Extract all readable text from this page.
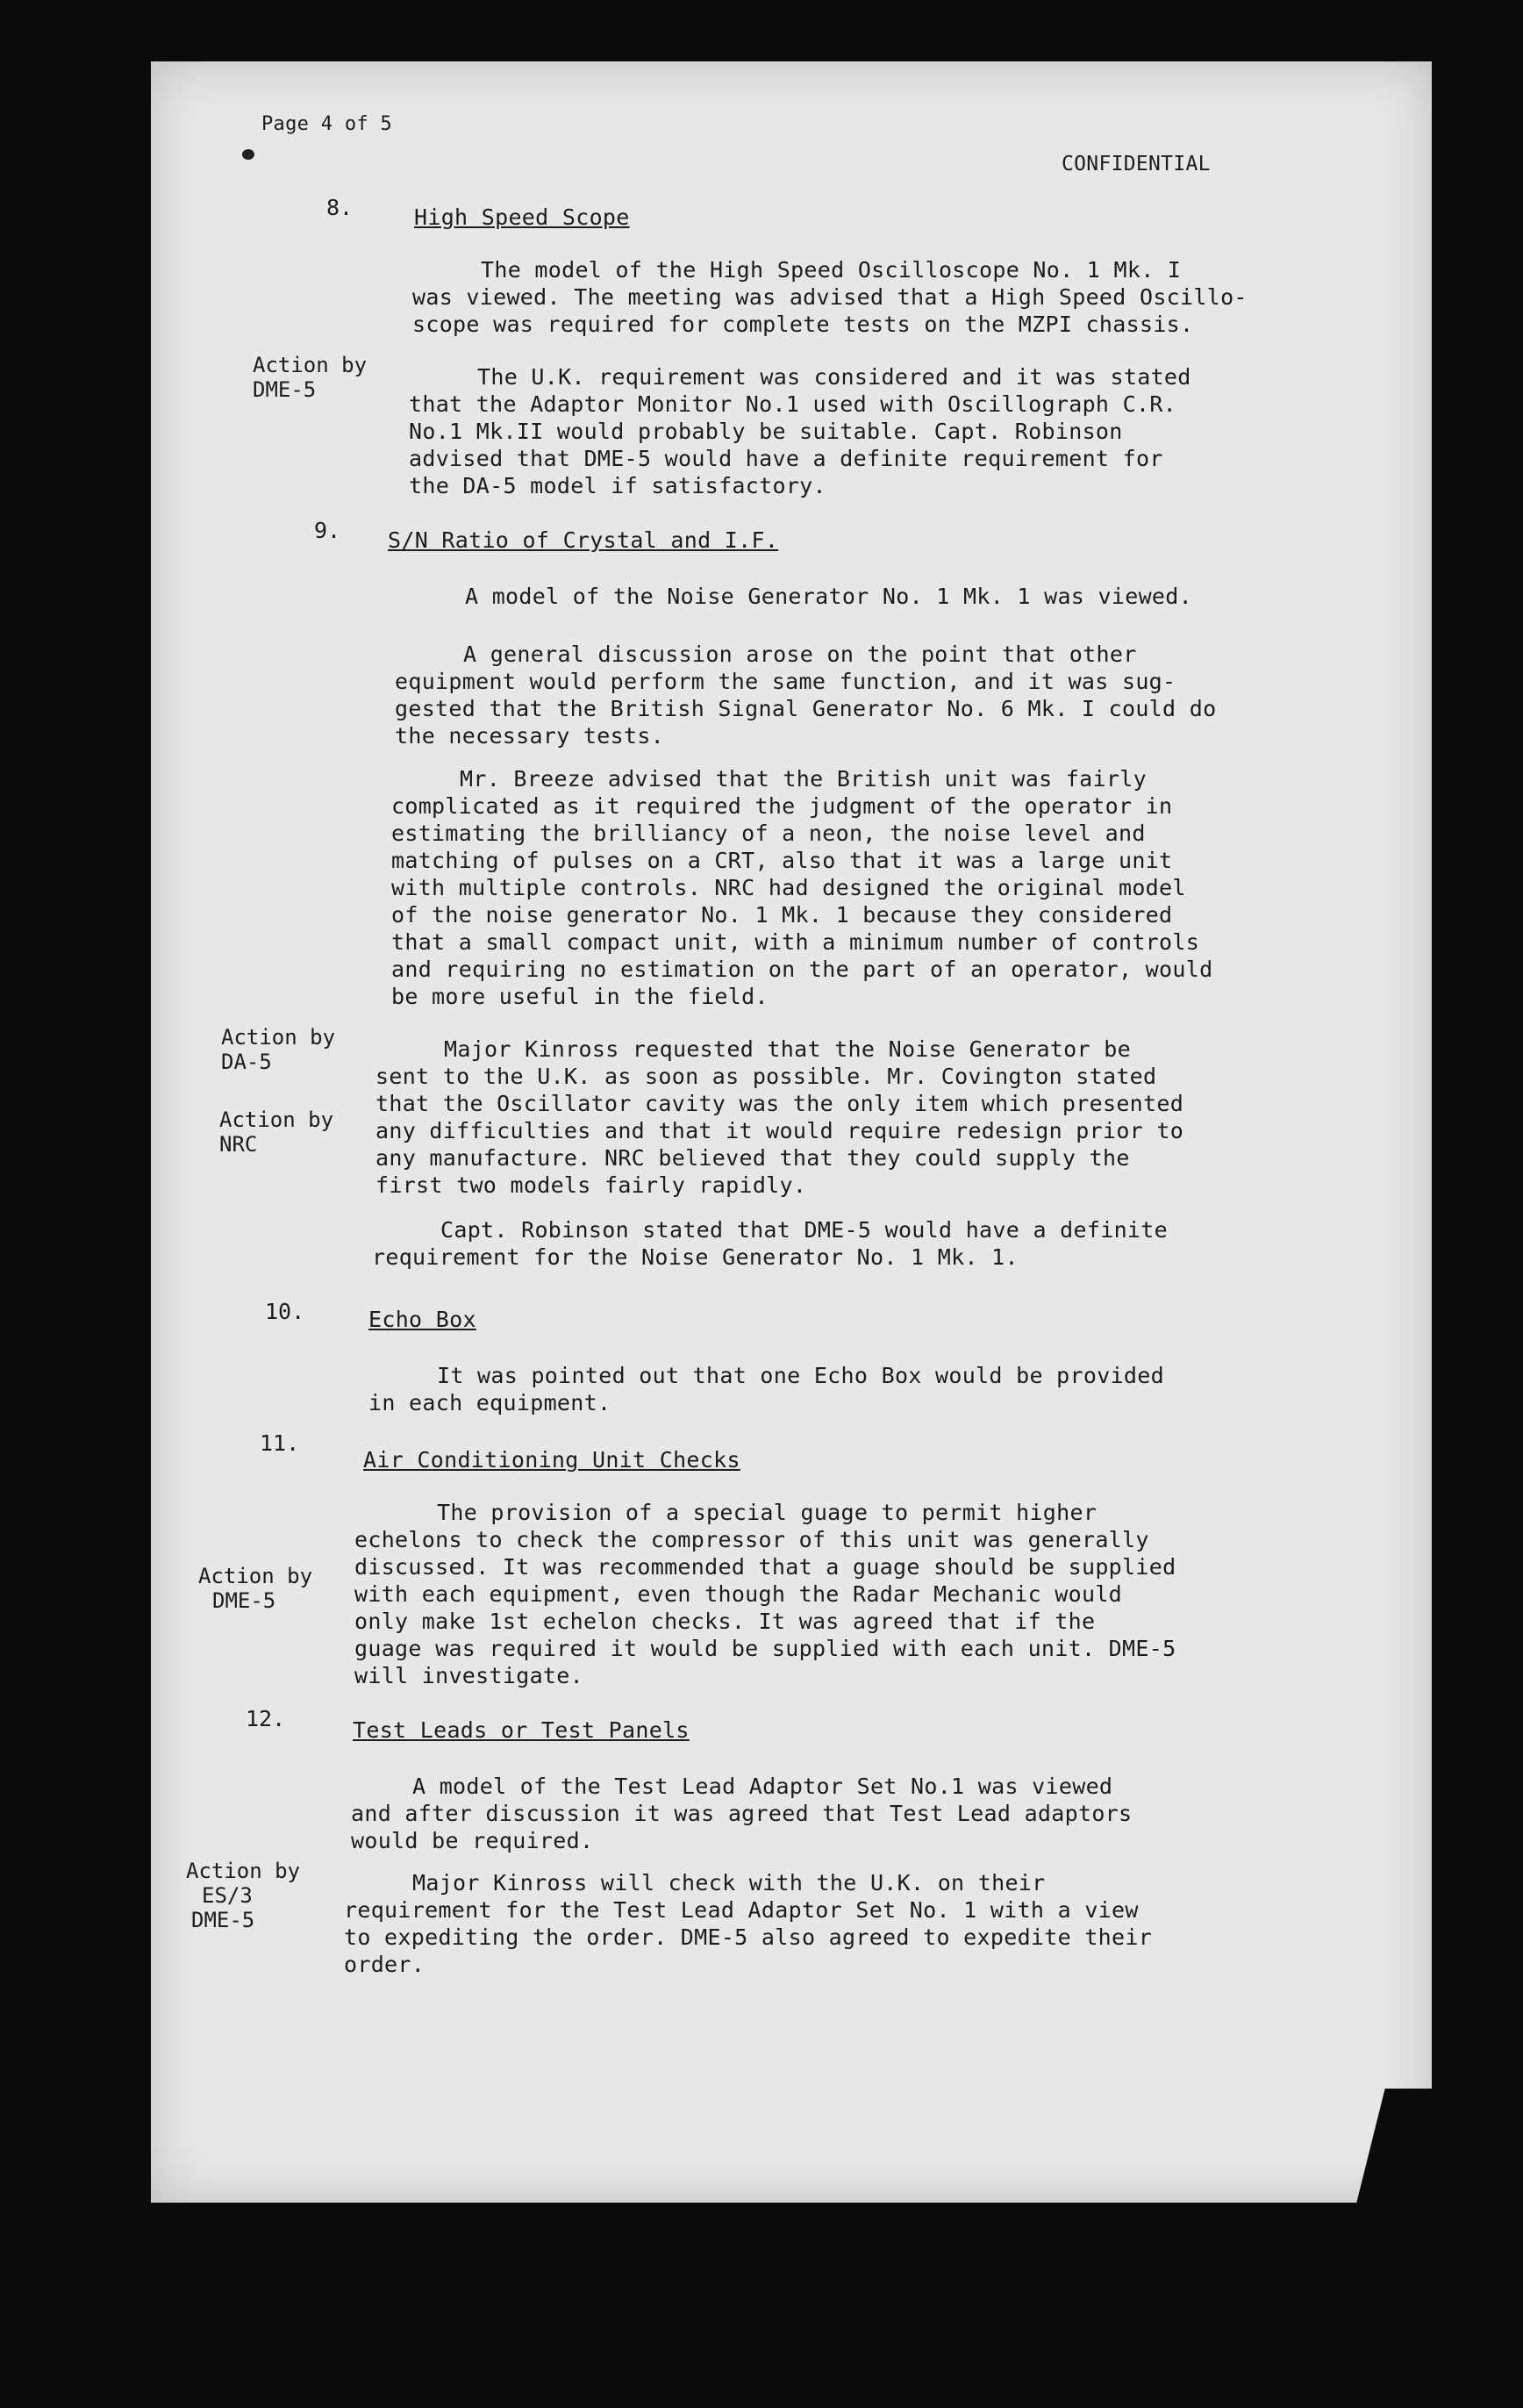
Page 4 of 5
CONFIDENTIAL
8.	High Speed Scope
The model of the High Speed Oscilloscope No. 1 Mk. I
was viewed. The meeting was advised that a High Speed Oscillo-
scope was required for complete tests on the MZPI chassis.
Action by
DME-5	The U.K. requirement was considered and it was stated
that the Adaptor Monitor No.1 used with Oscillograph C.R.
No.1 Mk.II would probably be suitable. Capt. Robinson
advised that DME-5 would have a definite requirement for
the DA-5 model if satisfactory.
9. S/N Ratio of Crystal and I.F.
A model of the Noise Generator No. 1 Mk. 1 was viewed.
A general discussion arose on the point that other
equipment would perform the same function, and it was sug-
gested that the British Signal Generator No. 6 Mk. I could do
the necessary tests.
Mr. Breeze advised that the British unit was fairly
complicated as it required the judgment of the operator in
estimating the brilliancy of a neon, the noise level and
matching of pulses on a CRT, also that it was a large unit
with multiple controls. NRC had designed the original model
of the noise generator No. 1 Mk. 1 because they considered
that a small compact unit, with a minimum number of controls
and requiring no estimation on the part of an operator, would
be more useful in the field.
Action by
DA-5
Action by
NRC
Major Kinross requested that the Noise Generator be
sent to the U.K. as soon as possible. Mr. Covington stated
that the Oscillator cavity was the only item which presented
any difficulties and that it would require redesign prior to
any manufacture. NRC believed that they could supply the
first two models fairly rapidly.
Capt. Robinson stated that DME-5 would have a definite
requirement for the Noise Generator No. 1 Mk. 1.
10.	Echo Box
It was pointed out that one Echo Box would be provided
in each equipment.
11.
Air Conditioning Unit Checks
The provision of a special guage to permit higher
echelons to check the compressor of this unit was generally
discussed. It was recommended that a guage should be supplied
with each equipment, even though the Radar Mechanic would
only make 1st echelon checks. It was agreed that if the
guage was required it would be supplied with each unit. DME-5
will investigate.
Action by
DME-5
12.	Test Leads or Test Panels
A model of the Test Lead Adaptor Set No.1 was viewed
and after discussion it was agreed that Test Lead adaptors
would be required.
Action by
ES/3
DME-5
Major Kinross will check with the U.K. on their
requirement for the Test Lead Adaptor Set No. 1 with a view
to expediting the order. DME-5 also agreed to expedite their
order.
